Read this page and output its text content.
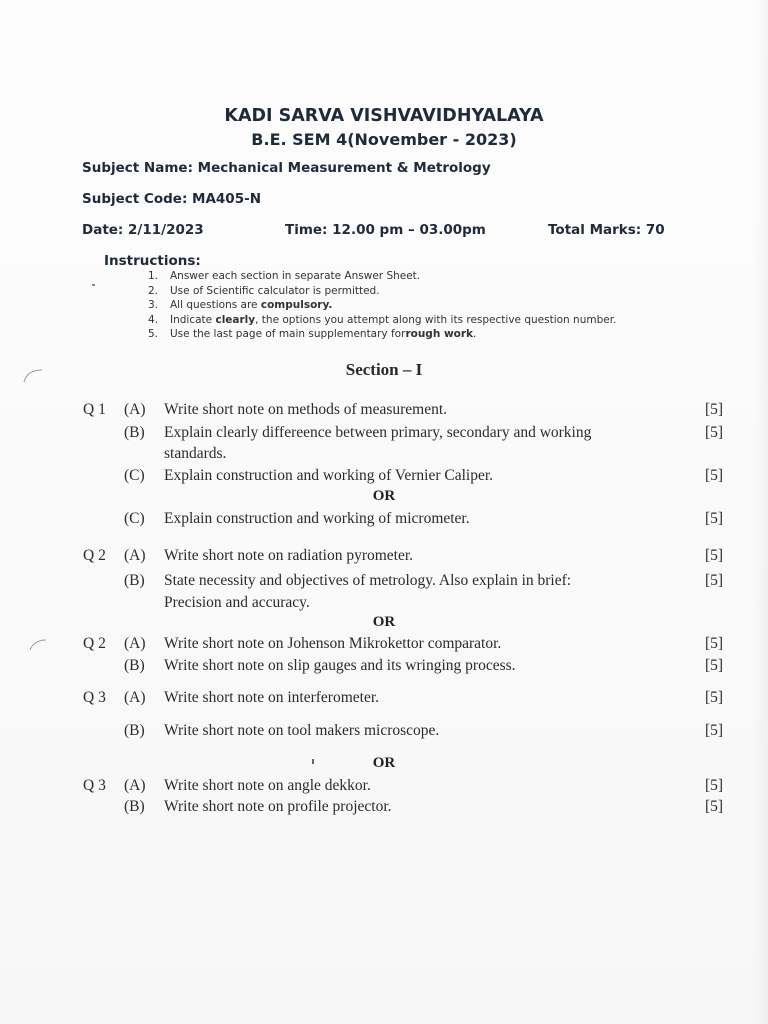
KADI SARVA VISHVAVIDHYALAYA
B.E. SEM 4(November - 2023)
Subject Name: Mechanical Measurement & Metrology
Subject Code: MA405-N
Date: 2/11/2023	Time: 12.00 pm – 03.00pm	Total Marks: 70
Instructions:
1. Answer each section in separate Answer Sheet.
2. Use of Scientific calculator is permitted.
3. All questions are compulsory.
4. Indicate clearly, the options you attempt along with its respective question number.
5. Use the last page of main supplementary forrough work.
Section – I
Q 1 (A) Write short note on methods of measurement.	[5]
(B) Explain clearly differeence between primary, secondary and working
standards.
[5]
(C) Explain construction and working of Vernier Caliper.	[5]
OR
(C) Explain construction and working of micrometer.	[5]
Q 2 (A) Write short note on radiation pyrometer.	[5]
(B) State necessity and objectives of metrology. Also explain in brief:
Precision and accuracy.
[5]
OR
Q 2 (A) Write short note on Johenson Mikrokettor comparator.	[5]
(B) Write short note on slip gauges and its wringing process.	[5]
Q 3 (A) Write short note on interferometer.	[5]
(B) Write short note on tool makers microscope.	[5]
OR
Q 3 (A) Write short note on angle dekkor.	[5]
(B) Write short note on profile projector.	[5]
